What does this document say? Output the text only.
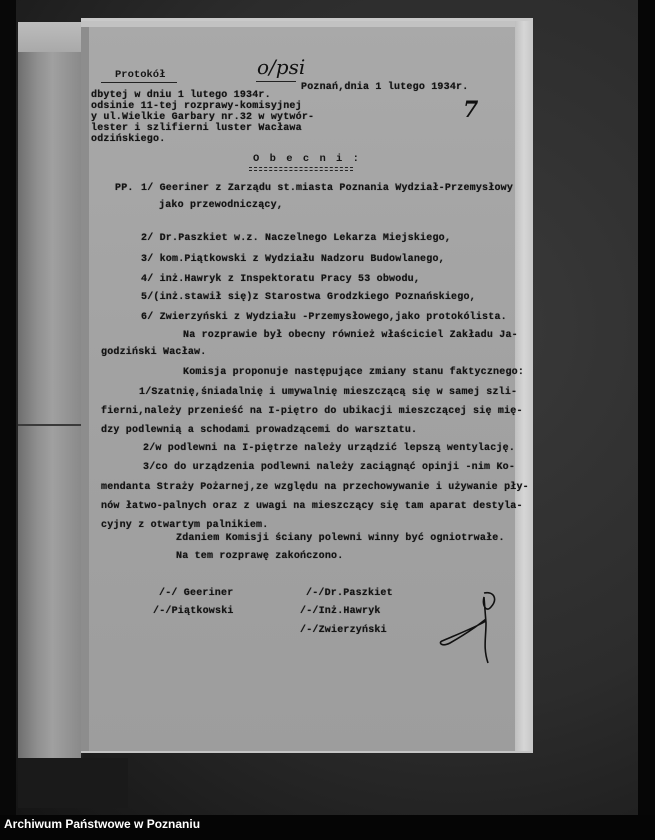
Protokół	o/psi
Poznań,dnia 1 lutego 1934r.
7
dbytej w dniu 1 lutego 1934r.
odsinie 11-tej rozprawy-komisyjnej
y ul.Wielkie Garbary nr.32 w wytwór-
lester i szlifierni luster Wacława
odzińskiego.
O b e c n i :
PP. 1/ Geeriner z Zarządu st.miasta Poznania Wydział-Przemysłowy
jako przewodniczący,
2/ Dr.Paszkiet w.z. Naczelnego Lekarza Miejskiego,
3/ kom.Piątkowski z Wydziału Nadzoru Budowlanego,
4/ inż.Hawryk z Inspektoratu Pracy 53 obwodu,
5/(inż.stawił się)z Starostwa Grodzkiego Poznańskiego,
6/ Zwierzyński z Wydziału -Przemysłowego,jako protokólista.
Na rozprawie był obecny również właściciel Zakładu Ja-
godziński Wacław.
Komisja proponuje następujące zmiany stanu faktycznego:
1/Szatnię,śniadalnię i umywalnię mieszczącą się w samej szli-
fierni,należy przenieść na I-piętro do ubikacji mieszczącej się mię-
dzy podlewnią a schodami prowadzącemi do warsztatu.
2/w podlewni na I-piętrze należy urządzić lepszą wentylację.
3/co do urządzenia podlewni należy zaciągnąć opinji -nim Ko-
mendanta Straży Pożarnej,ze względu na przechowywanie i używanie pły-
nów łatwo-palnych oraz z uwagi na mieszczący się tam aparat destyla-
cyjny z otwartym palnikiem.
Zdaniem Komisji ściany polewni winny być ogniotrwałe.
Na tem rozprawę zakończono.
/-/ Geeriner
/-/Piątkowski
/-/Dr.Paszkiet
/-/Inż.Hawryk
/-/Zwierzyński
Archiwum Państwowe w Poznaniu
